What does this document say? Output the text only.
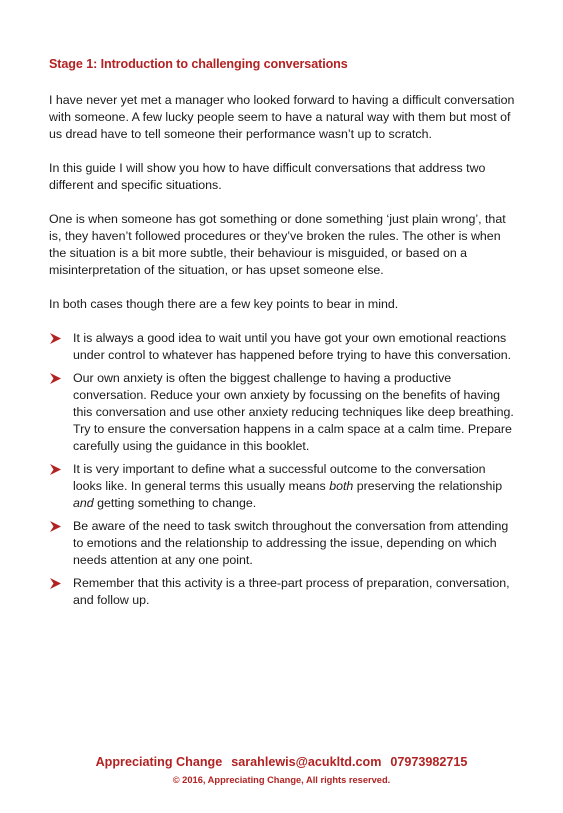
Stage 1: Introduction to challenging conversations

I have never yet met a manager who looked forward to having a difficult conversation with someone. A few lucky people seem to have a natural way with them but most of us dread have to tell someone their performance wasn’t up to scratch.

In this guide I will show you how to have difficult conversations that address two different and specific situations.

One is when someone has got something or done something ‘just plain wrong’, that is, they haven’t followed procedures or they’ve broken the rules. The other is when the situation is a bit more subtle, their behaviour is misguided, or based on a misinterpretation of the situation, or has upset someone else.

In both cases though there are a few key points to bear in mind.

It is always a good idea to wait until you have got your own emotional reactions under control to whatever has happened before trying to have this conversation.
Our own anxiety is often the biggest challenge to having a productive conversation. Reduce your own anxiety by focussing on the benefits of having this conversation and use other anxiety reducing techniques like deep breathing. Try to ensure the conversation happens in a calm space at a calm time. Prepare carefully using the guidance in this booklet.
It is very important to define what a successful outcome to the conversation looks like. In general terms this usually means both preserving the relationship and getting something to change.
Be aware of the need to task switch throughout the conversation from attending to emotions and the relationship to addressing the issue, depending on which needs attention at any one point.
Remember that this activity is a three-part process of preparation, conversation, and follow up.
Appreciating Change sarahlewis@acukltd.com 07973982715
© 2016, Appreciating Change, All rights reserved.
